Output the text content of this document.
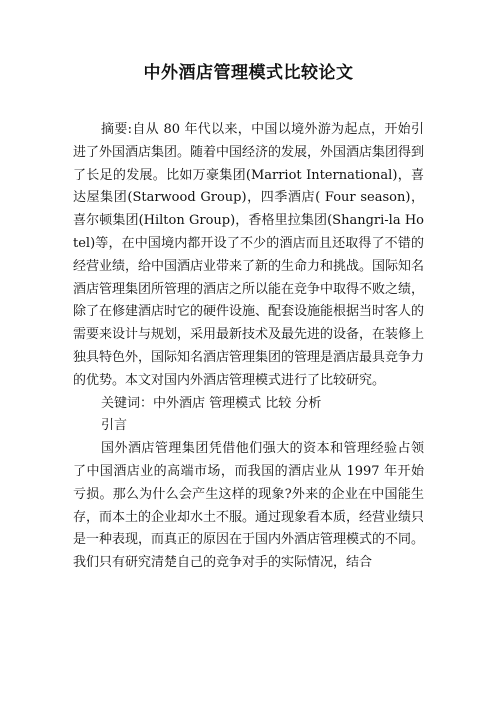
中外酒店管理模式比较论文

摘要:自从 80 年代以来，中国以境外游为起点，开始引进了外国酒店集团。随着中国经济的发展，外国酒店集团得到了长足的发展。比如万豪集团(Marriot International)，喜达屋集团(Starwood Group)，四季酒店( Four season)，喜尔顿集团(Hilton Group)，香格里拉集团(Shangri-la Hotel)等，在中国境内都开设了不少的酒店而且还取得了不错的经营业绩，给中国酒店业带来了新的生命力和挑战。国际知名酒店管理集团所管理的酒店之所以能在竞争中取得不败之绩，除了在修建酒店时它的硬件设施、配套设施能根据当时客人的需要来设计与规划，采用最新技术及最先进的设备，在装修上独具特色外，国际知名酒店管理集团的管理是酒店最具竞争力的优势。本文对国内外酒店管理模式进行了比较研究。

关键词：中外酒店 管理模式 比较 分析

引言

国外酒店管理集团凭借他们强大的资本和管理经验占领了中国酒店业的高端市场，而我国的酒店业从 1997 年开始亏损。那么为什么会产生这样的现象?外来的企业在中国能生存，而本土的企业却水土不服。通过现象看本质，经营业绩只是一种表现，而真正的原因在于国内外酒店管理模式的不同。我们只有研究清楚自己的竞争对手的实际情况，结合
